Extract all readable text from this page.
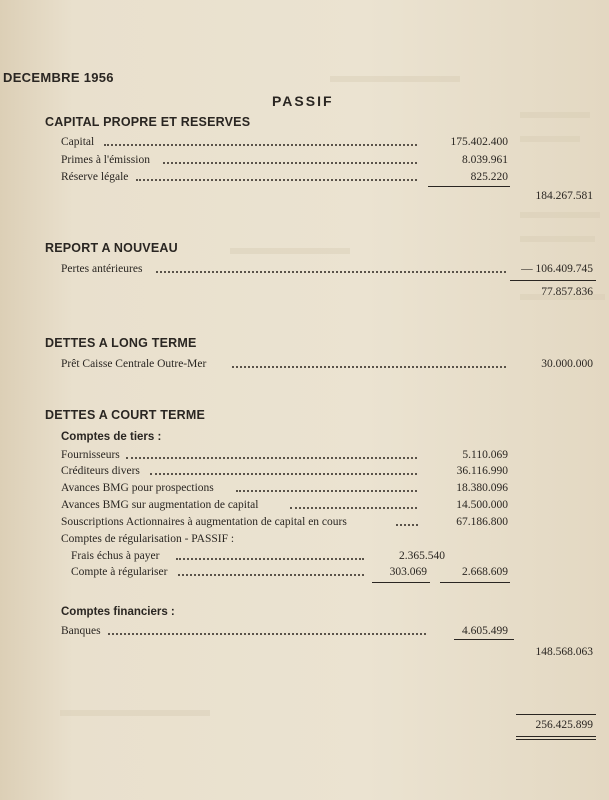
DECEMBRE 1956
PASSIF
CAPITAL PROPRE ET RESERVES
Capital	175.402.400
Primes à l'émission	8.039.961
Réserve légale	825.220
184.267.581
REPORT A NOUVEAU
Pertes antérieures	— 106.409.745
77.857.836
DETTES A LONG TERME
Prêt Caisse Centrale Outre-Mer	30.000.000
DETTES A COURT TERME
Comptes de tiers :
Fournisseurs	5.110.069
Créditeurs divers	36.116.990
Avances BMG pour prospections	18.380.096
Avances BMG sur augmentation de capital	14.500.000
Souscriptions Actionnaires à augmentation de capital en cours	67.186.800
Comptes de régularisation - PASSIF :
Frais échus à payer	2.365.540
Compte à régulariser	303.069	2.668.609
Comptes financiers :
Banques	4.605.499
148.568.063
256.425.899
